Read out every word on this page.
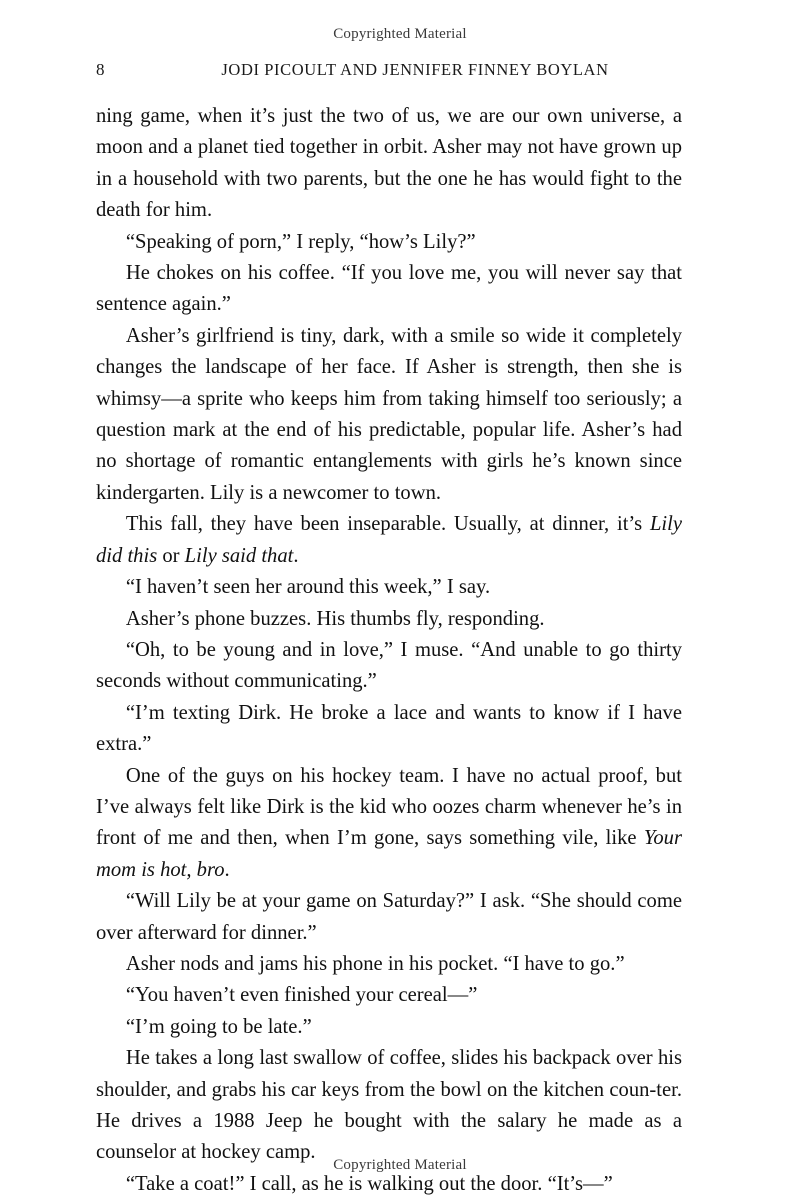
Copyrighted Material
8	JODI PICOULT AND JENNIFER FINNEY BOYLAN

ning game, when it’s just the two of us, we are our own universe, a moon and a planet tied together in orbit. Asher may not have grown up in a household with two parents, but the one he has would fight to the death for him.

“Speaking of porn,” I reply, “how’s Lily?”

He chokes on his coffee. “If you love me, you will never say that sentence again.”

Asher’s girlfriend is tiny, dark, with a smile so wide it completely changes the landscape of her face. If Asher is strength, then she is whimsy—a sprite who keeps him from taking himself too seriously; a question mark at the end of his predictable, popular life. Asher’s had no shortage of romantic entanglements with girls he’s known since kindergarten. Lily is a newcomer to town.

This fall, they have been inseparable. Usually, at dinner, it’s Lily did this or Lily said that.

“I haven’t seen her around this week,” I say.

Asher’s phone buzzes. His thumbs fly, responding.

“Oh, to be young and in love,” I muse. “And unable to go thirty seconds without communicating.”

“I’m texting Dirk. He broke a lace and wants to know if I have extra.”

One of the guys on his hockey team. I have no actual proof, but I’ve always felt like Dirk is the kid who oozes charm whenever he’s in front of me and then, when I’m gone, says something vile, like Your mom is hot, bro.

“Will Lily be at your game on Saturday?” I ask. “She should come over afterward for dinner.”

Asher nods and jams his phone in his pocket. “I have to go.”

“You haven’t even finished your cereal—”

“I’m going to be late.”

He takes a long last swallow of coffee, slides his backpack over his shoulder, and grabs his car keys from the bowl on the kitchen coun-ter. He drives a 1988 Jeep he bought with the salary he made as a counselor at hockey camp.

“Take a coat!” I call, as he is walking out the door. “It’s—”

Copyrighted Material
